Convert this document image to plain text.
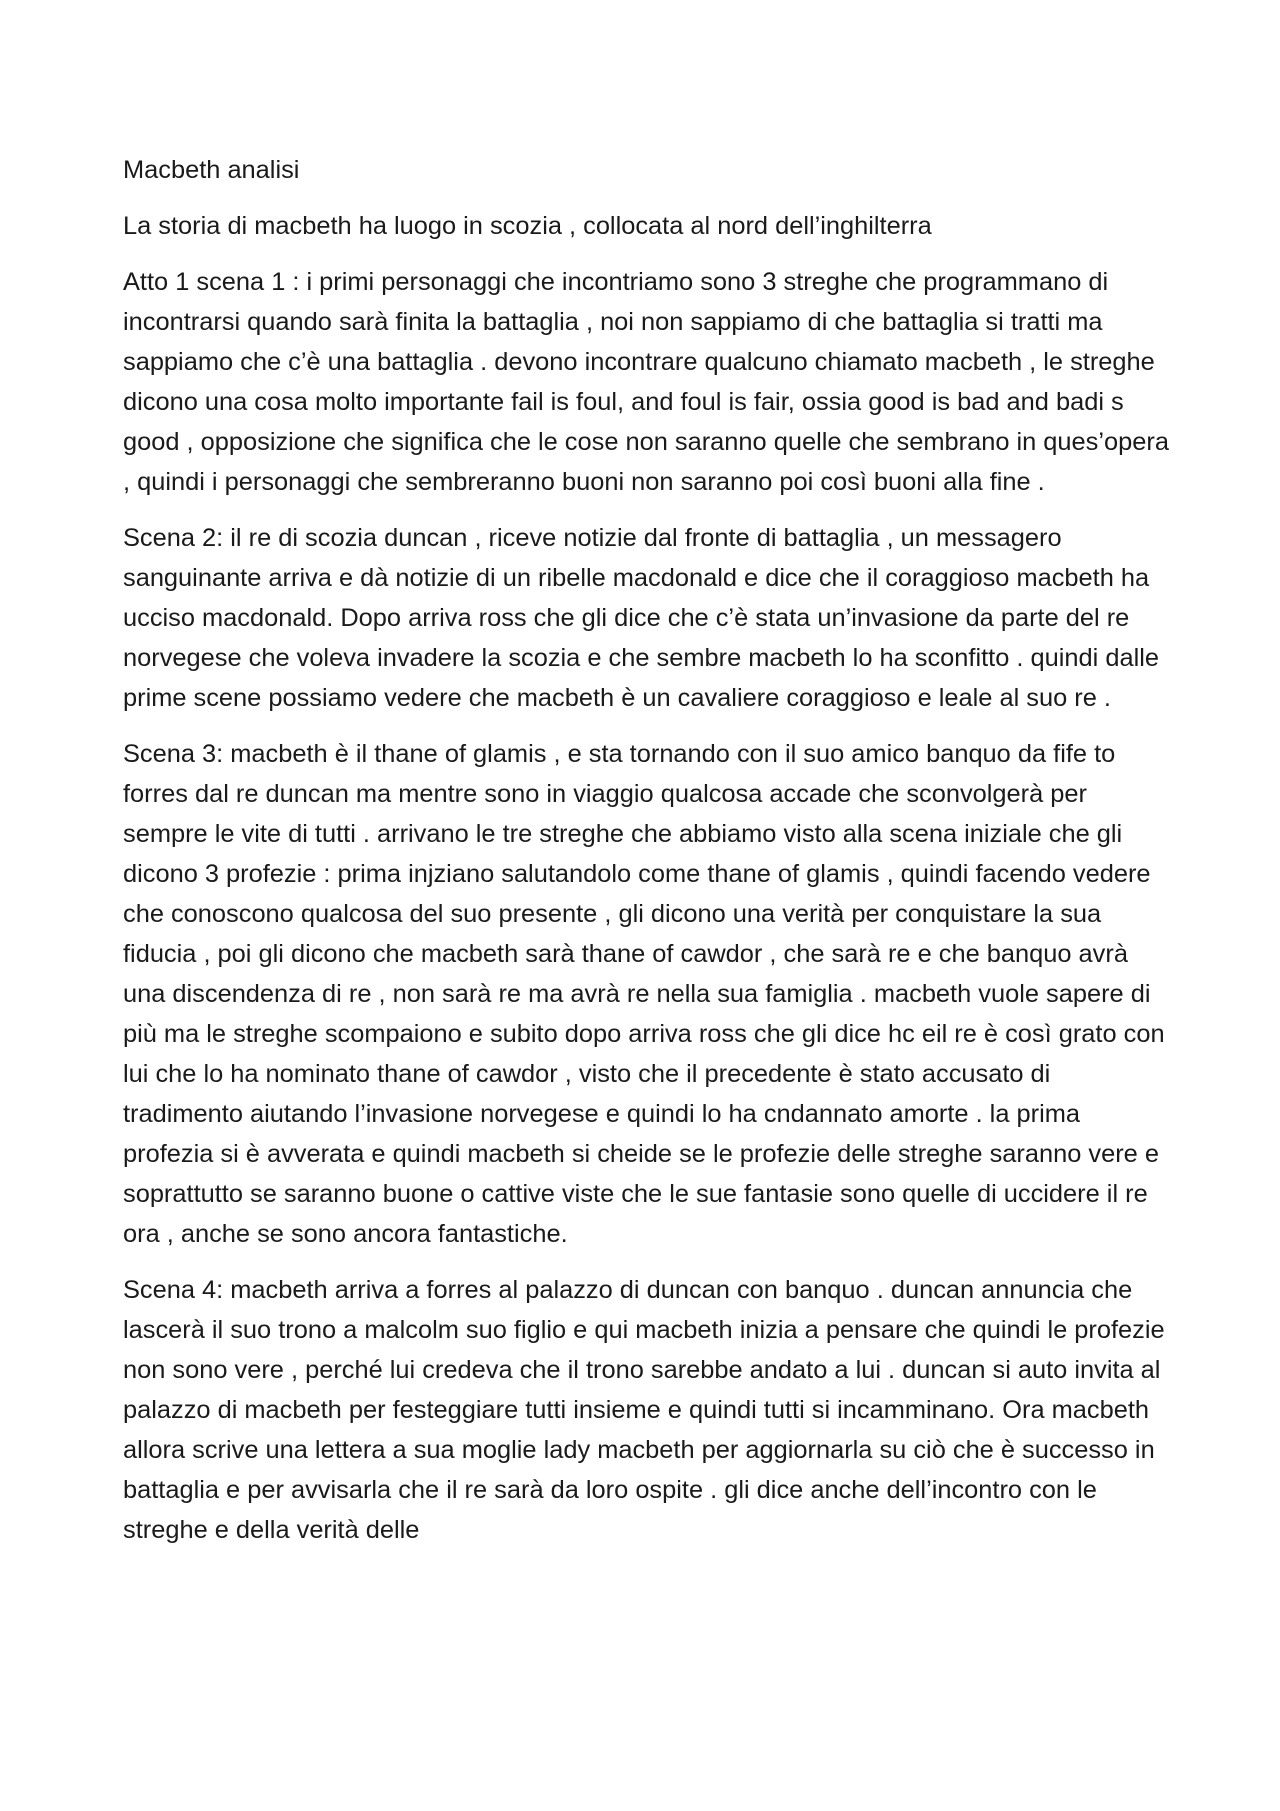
Macbeth analisi

La storia di macbeth ha luogo in scozia , collocata al nord dell’inghilterra

Atto 1 scena 1 : i primi personaggi che incontriamo sono 3 streghe che programmano di incontrarsi quando sarà finita la battaglia , noi non sappiamo di che battaglia si tratti ma sappiamo che c’è una battaglia . devono incontrare qualcuno chiamato macbeth , le streghe dicono una cosa molto importante fail is foul, and foul is fair, ossia good is bad and badi s good , opposizione che significa che le cose non saranno quelle che sembrano in ques’opera , quindi i personaggi che sembreranno buoni non saranno poi così buoni alla fine .

Scena 2: il re di scozia duncan , riceve notizie dal fronte di battaglia , un messagero sanguinante arriva e dà notizie di un ribelle macdonald e dice che il coraggioso macbeth ha ucciso macdonald. Dopo arriva ross che gli dice che c’è stata un’invasione da parte del re norvegese che voleva invadere la scozia e che sembre macbeth lo ha sconfitto . quindi dalle prime scene possiamo vedere che macbeth è un cavaliere coraggioso e leale al suo re .

Scena 3: macbeth è il thane of glamis , e sta tornando con il suo amico banquo da fife to forres dal re duncan ma mentre sono in viaggio qualcosa accade che sconvolgerà per sempre le vite di tutti . arrivano le tre streghe che abbiamo visto alla scena iniziale che gli dicono 3 profezie : prima injziano salutandolo come thane of glamis , quindi facendo vedere che conoscono qualcosa del suo presente , gli dicono una verità per conquistare la sua fiducia , poi gli dicono che macbeth sarà thane of cawdor , che sarà re e che banquo avrà una discendenza di re , non sarà re ma avrà re nella sua famiglia . macbeth vuole sapere di più ma le streghe scompaiono e subito dopo arriva ross che gli dice hc eil re è così grato con lui che lo ha nominato thane of cawdor , visto che il precedente è stato accusato di tradimento aiutando l’invasione norvegese e quindi lo ha cndannato amorte . la prima profezia si è avverata e quindi macbeth si cheide se le profezie delle streghe saranno vere e soprattutto se saranno buone o cattive viste che le sue fantasie sono quelle di uccidere il re ora , anche se sono ancora fantastiche.

Scena 4: macbeth arriva a forres al palazzo di duncan con banquo . duncan annuncia che lascerà il suo trono a malcolm suo figlio e qui macbeth inizia a pensare che quindi le profezie non sono vere , perché lui credeva che il trono sarebbe andato a lui . duncan si auto invita al palazzo di macbeth per festeggiare tutti insieme e quindi tutti si incamminano. Ora macbeth allora scrive una lettera a sua moglie lady macbeth per aggiornarla su ciò che è successo in battaglia e per avvisarla che il re sarà da loro ospite . gli dice anche dell’incontro con le streghe e della verità delle
